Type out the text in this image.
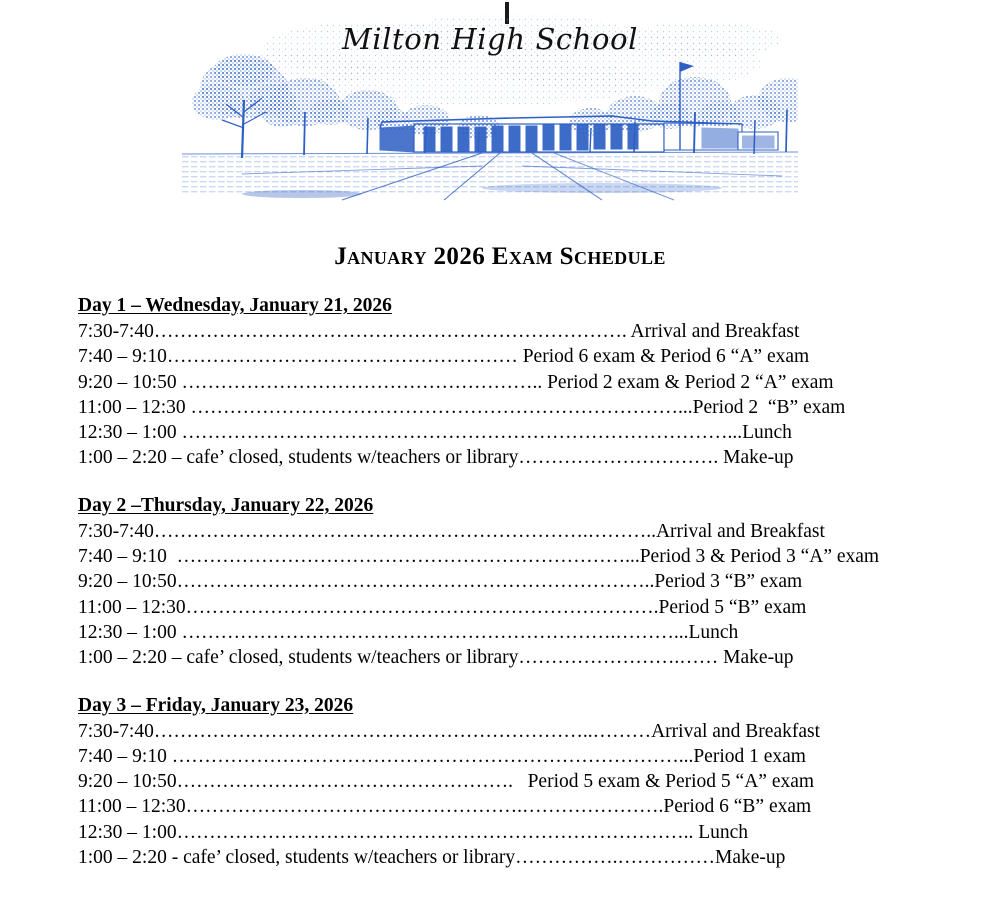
Milton High School
January 2026 Exam Schedule
Day 1 – Wednesday, January 21, 2026
7:30-7:40………………………………………………………………. Arrival and Breakfast
7:40 – 9:10……………………………………………… Period 6 exam & Period 6 “A” exam
9:20 – 10:50 ……………………………………………….. Period 2 exam & Period 2 “A” exam
11:00 – 12:30 …………………………………………………………………...Period 2  “B” exam
12:30 – 1:00 …………………………………………………………………………...Lunch
1:00 – 2:20 – cafe’ closed, students w/teachers or library…………………………. Make-up
Day 2 –Thursday, January 22, 2026
7:30-7:40………………………………………………………….………..Arrival and Breakfast
7:40 – 9:10  ……………………………………………………………...Period 3 & Period 3 “A” exam
9:20 – 10:50………………………………………………………………..Period 3 “B” exam
11:00 – 12:30……………………………………………………………….Period 5 “B” exam
12:30 – 1:00 ………………………………………………………….………...Lunch
1:00 – 2:20 – cafe’ closed, students w/teachers or library…………………….…… Make-up
Day 3 – Friday, January 23, 2026
7:30-7:40…………………………………………………………..………Arrival and Breakfast
7:40 – 9:10 ……………………………………………………………………...Period 1 exam
9:20 – 10:50…………………………………………….   Period 5 exam & Period 5 “A” exam
11:00 – 12:30…………………………………………….………………….Period 6 “B” exam
12:30 – 1:00…………………………………………………………………….. Lunch
1:00 – 2:20 - cafe’ closed, students w/teachers or library…………….……………Make-up
